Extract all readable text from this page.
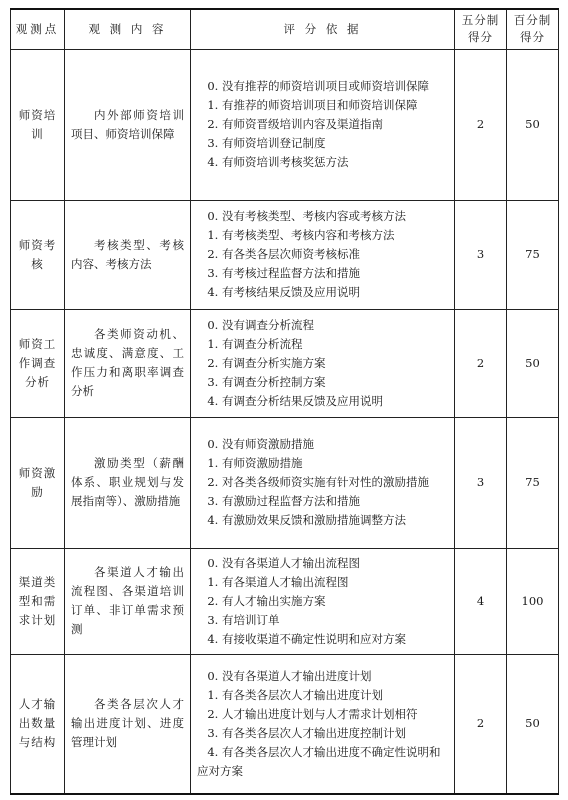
观测点	观 测 内 容	评 分 依 据	五分制得分	百分制得分
师资培训	内外部师资培训项目、师资培训保障	0. 没有推荐的师资培训项目或师资培训保障
1. 有推荐的师资培训项目和师资培训保障
2. 有师资晋级培训内容及渠道指南
3. 有师资培训登记制度
4. 有师资培训考核奖惩方法	2	50
师资考核	考核类型、考核内容、考核方法	0. 没有考核类型、考核内容或考核方法
1. 有考核类型、考核内容和考核方法
2. 有各类各层次师资考核标准
3. 有考核过程监督方法和措施
4. 有考核结果反馈及应用说明	3	75
师资工作调查分析	各类师资动机、忠诚度、满意度、工作压力和离职率调查分析	0. 没有调查分析流程
1. 有调查分析流程
2. 有调查分析实施方案
3. 有调查分析控制方案
4. 有调查分析结果反馈及应用说明	2	50
师资激励	激励类型（薪酬体系、职业规划与发展指南等）、激励措施	0. 没有师资激励措施
1. 有师资激励措施
2. 对各类各级师资实施有针对性的激励措施
3. 有激励过程监督方法和措施
4. 有激励效果反馈和激励措施调整方法	3	75
渠道类型和需求计划	各渠道人才输出流程图、各渠道培训订单、非订单需求预测	0. 没有各渠道人才输出流程图
1. 有各渠道人才输出流程图
2. 有人才输出实施方案
3. 有培训订单
4. 有接收渠道不确定性说明和应对方案	4	100
人才输出数量与结构	各类各层次人才输出进度计划、进度管理计划	0. 没有各渠道人才输出进度计划
1. 有各类各层次人才输出进度计划
2. 人才输出进度计划与人才需求计划相符
3. 有各类各层次人才输出进度控制计划
4. 有各类各层次人才输出进度不确定性说明和应对方案	2	50
